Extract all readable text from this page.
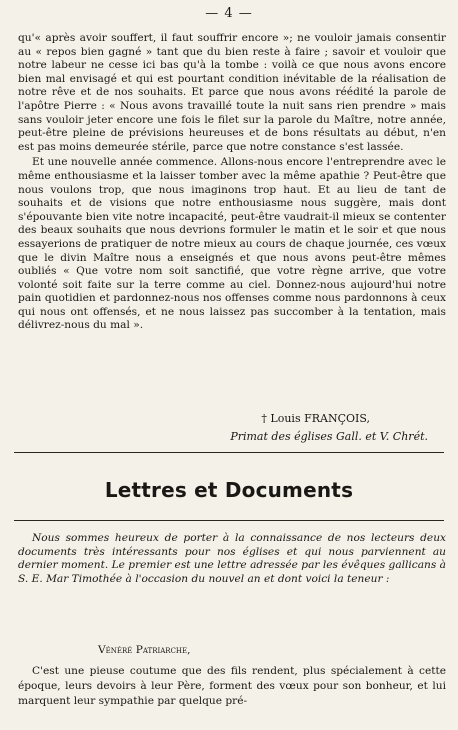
— 4 —

qu'« après avoir souffert, il faut souffrir encore »; ne vouloir jamais consentir au « repos bien gagné » tant que du bien reste à faire ; savoir et vouloir que notre labeur ne cesse ici bas qu'à la tombe : voilà ce que nous avons encore bien mal envisagé et qui est pourtant condition inévitable de la réalisation de notre rêve et de nos souhaits. Et parce que nous avons réédité la parole de l'apôtre Pierre : « Nous avons travaillé toute la nuit sans rien prendre » mais sans vouloir jeter encore une fois le filet sur la parole du Maître, notre année, peut-être pleine de prévisions heureuses et de bons résultats au début, n'en est pas moins demeurée stérile, parce que notre constance s'est lassée.

Et une nouvelle année commence. Allons-nous encore l'entreprendre avec le même enthousiasme et la laisser tomber avec la même apathie ? Peut-être que nous voulons trop, que nous imaginons trop haut. Et au lieu de tant de souhaits et de visions que notre enthousiasme nous suggère, mais dont s'épouvante bien vite notre incapacité, peut-être vaudrait-il mieux se contenter des beaux souhaits que nous devrions formuler le matin et le soir et que nous essayerions de pratiquer de notre mieux au cours de chaque journée, ces vœux que le divin Maître nous a enseignés et que nous avons peut-être mêmes oubliés « Que votre nom soit sanctifié, que votre règne arrive, que votre volonté soit faite sur la terre comme au ciel. Donnez-nous aujourd'hui notre pain quotidien et pardonnez-nous nos offenses comme nous pardonnons à ceux qui nous ont offensés, et ne nous laissez pas succomber à la tentation, mais délivrez-nous du mal ».

† Louis FRANÇOIS,
Primat des églises Gall. et V. Chrét.
Lettres et Documents

Nous sommes heureux de porter à la connaissance de nos lecteurs deux documents très intéressants pour nos églises et qui nous parviennent au dernier moment. Le premier est une lettre adressée par les évêques gallicans à S. E. Mar Timothée à l'occasion du nouvel an et dont voici la teneur :

Vénéré Patriarche,

C'est une pieuse coutume que des fils rendent, plus spécialement à cette époque, leurs devoirs à leur Père, forment des vœux pour son bonheur, et lui marquent leur sympathie par quelque pré-
